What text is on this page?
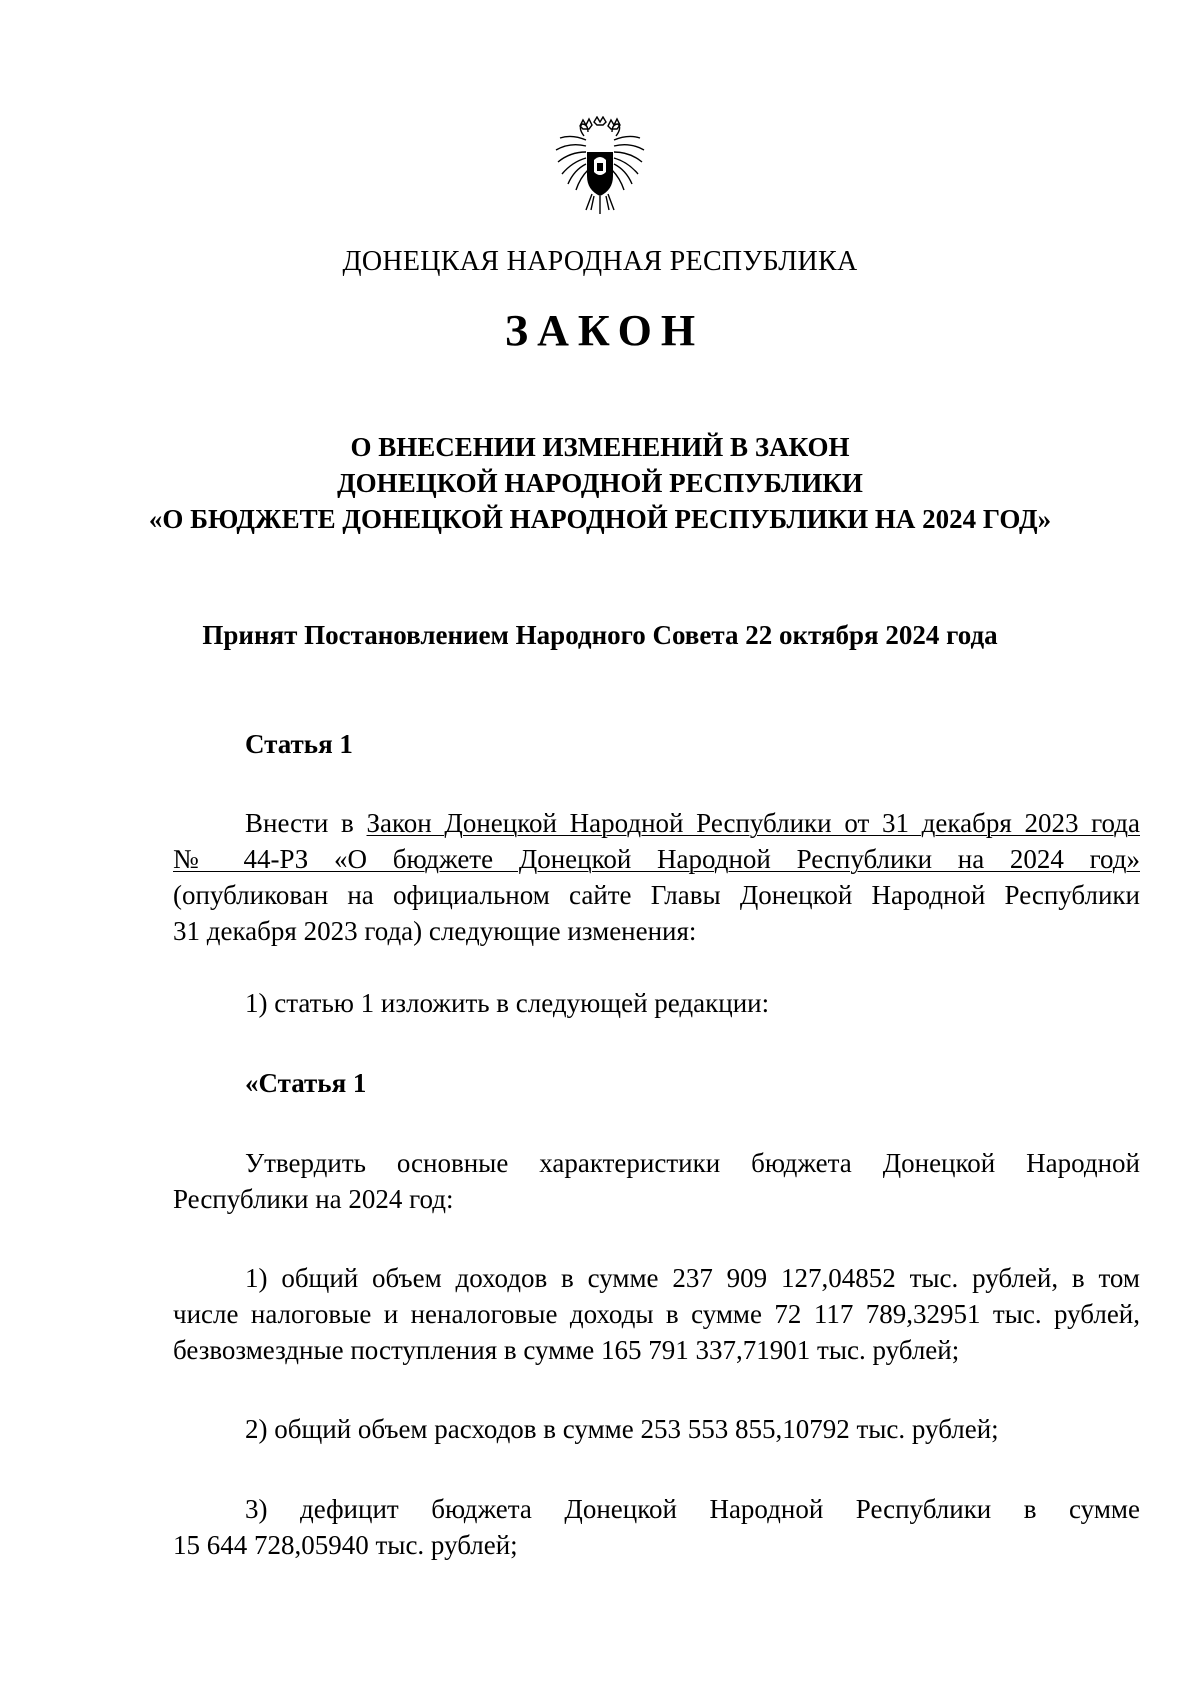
ДОНЕЦКАЯ НАРОДНАЯ РЕСПУБЛИКА
ЗАКОН
О ВНЕСЕНИИ ИЗМЕНЕНИЙ В ЗАКОН
ДОНЕЦКОЙ НАРОДНОЙ РЕСПУБЛИКИ
«О БЮДЖЕТЕ ДОНЕЦКОЙ НАРОДНОЙ РЕСПУБЛИКИ НА 2024 ГОД»
Принят Постановлением Народного Совета 22 октября 2024 года
Статья 1
Внести в Закон Донецкой Народной Республики от 31 декабря 2023 года
№ 44-РЗ «О бюджете Донецкой Народной Республики на 2024 год»
(опубликован на официальном сайте Главы Донецкой Народной Республики
31 декабря 2023 года) следующие изменения:
1) статью 1 изложить в следующей редакции:
«Статья 1
Утвердить основные характеристики бюджета Донецкой Народной
Республики на 2024 год:
1) общий объем доходов в сумме 237 909 127,04852 тыс. рублей, в том
числе налоговые и неналоговые доходы в сумме 72 117 789,32951 тыс. рублей,
безвозмездные поступления в сумме 165 791 337,71901 тыс. рублей;
2) общий объем расходов в сумме 253 553 855,10792 тыс. рублей;
3) дефицит бюджета Донецкой Народной Республики в сумме
15 644 728,05940 тыс. рублей;
